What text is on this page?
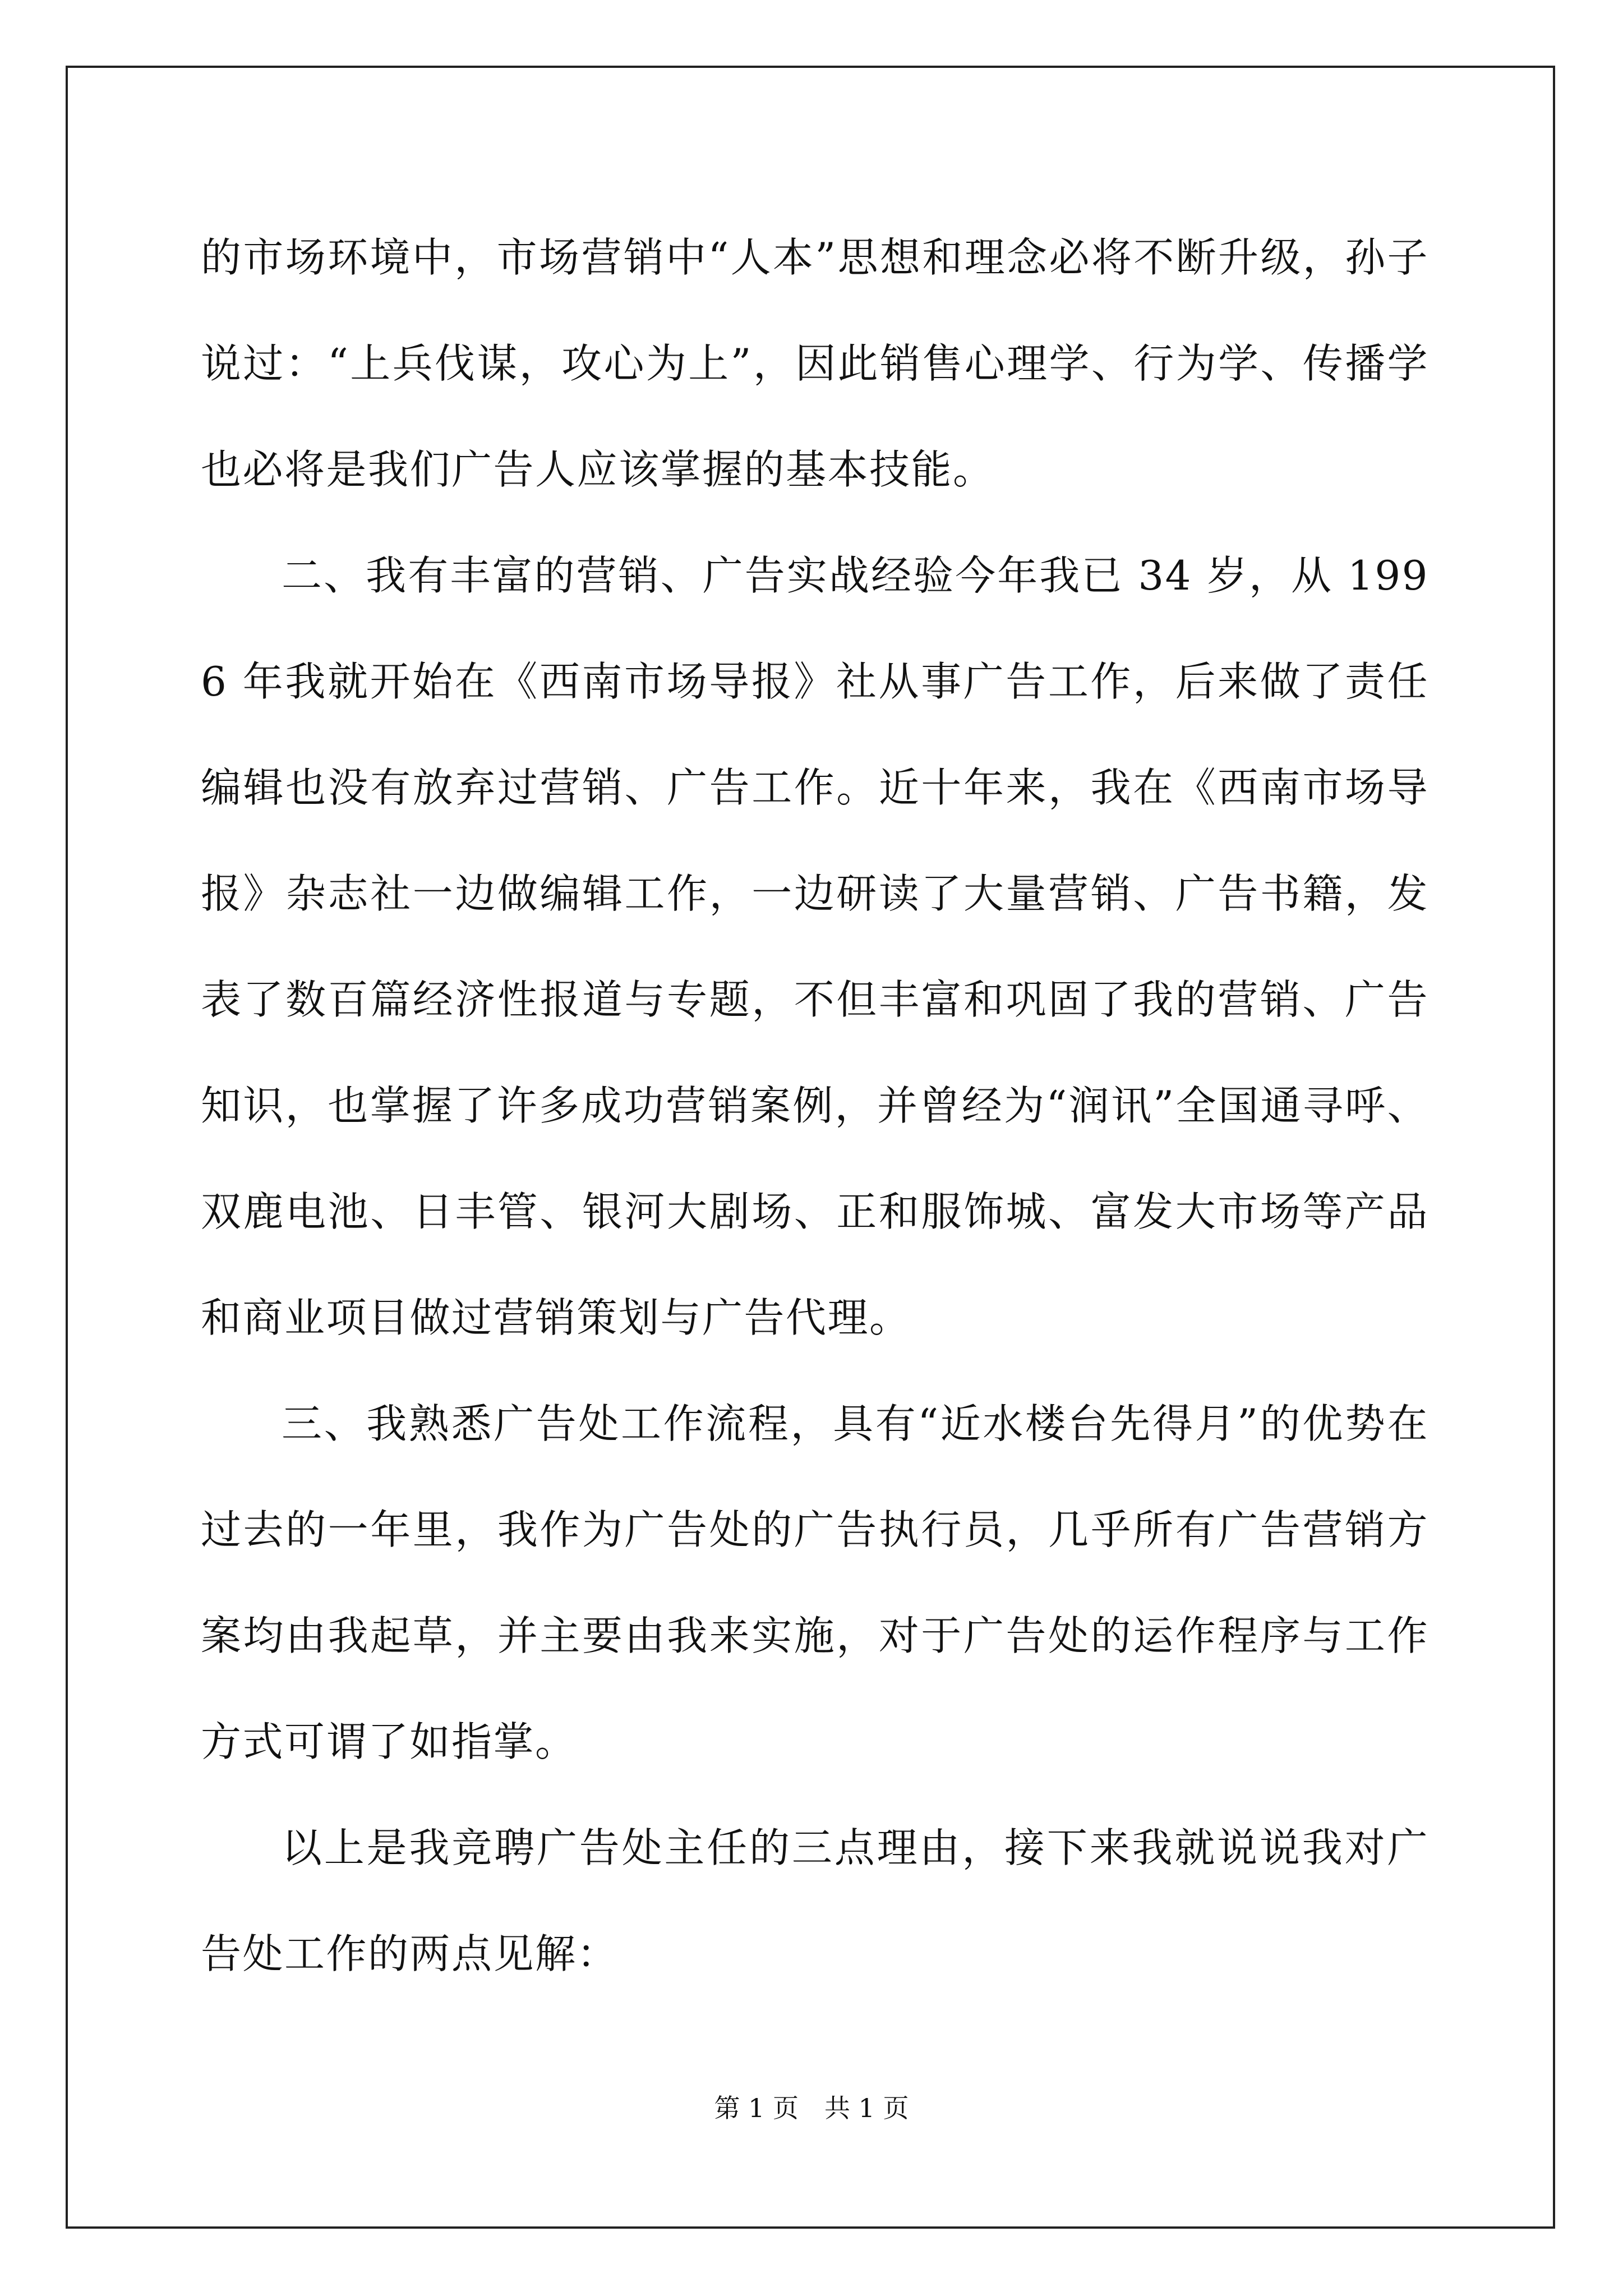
的市场环境中，市场营销中“人本”思想和理念必将不断升级，孙子说过：“上兵伐谋，攻心为上”，因此销售心理学、行为学、传播学也必将是我们广告人应该掌握的基本技能。

二、我有丰富的营销、广告实战经验今年我已 34 岁，从 1996 年我就开始在《西南市场导报》社从事广告工作，后来做了责任编辑也没有放弃过营销、广告工作。近十年来，我在《西南市场导报》杂志社一边做编辑工作，一边研读了大量营销、广告书籍，发表了数百篇经济性报道与专题，不但丰富和巩固了我的营销、广告知识，也掌握了许多成功营销案例，并曾经为“润讯”全国通寻呼、双鹿电池、日丰管、银河大剧场、正和服饰城、富发大市场等产品和商业项目做过营销策划与广告代理。

三、我熟悉广告处工作流程，具有“近水楼台先得月”的优势在过去的一年里，我作为广告处的广告执行员，几乎所有广告营销方案均由我起草，并主要由我来实施，对于广告处的运作程序与工作方式可谓了如指掌。

以上是我竞聘广告处主任的三点理由，接下来我就说说我对广告处工作的两点见解：

第 1 页　共 1 页
